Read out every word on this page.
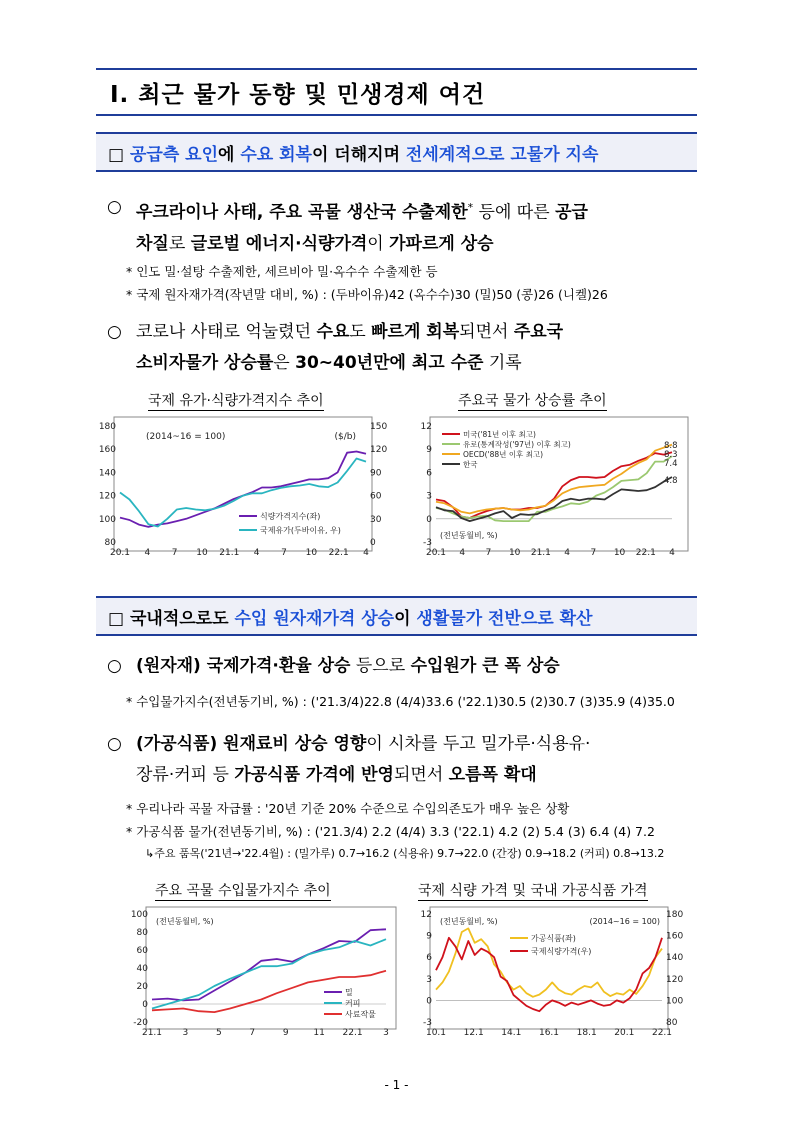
Ⅰ. 최근 물가 동향 및 민생경제 여건
□ 공급측 요인에 수요 회복이 더해지며 전세계적으로 고물가 지속
○ 우크라이나 사태, 주요 곡물 생산국 수출제한* 등에 따른 공급
차질로 글로벌 에너지·식량가격이 가파르게 상승
* 인도 밀·설탕 수출제한, 세르비아 밀·옥수수 수출제한 등
* 국제 원자재가격(작년말 대비, %) : (두바이유)42 (옥수수)30 (밀)50 (콩)26 (니켈)26
○ 코로나 사태로 억눌렸던 수요도 빠르게 회복되면서 주요국
소비자물가 상승률은 30~40년만에 최고 수준 기록
국제 유가·식량가격지수 추이	주요국 물가 상승률 추이
180
160
140
120
100
80
150
120
90
60
30
0
20.1 4 7 10 21.1 4 7 10 22.1 4
(2014~16 = 100)	($/b)
식량가격지수(좌)
국제유가(두바이유, 우)
12
9
6
3
0
-3
20.1 4 7 10 21.1 4 7 10 22.1 4
(전년동월비, %)
미국('81년 이후 최고)
유로(통계작성('97년) 이후 최고)
OECD('88년 이후 최고)
한국
8.8
8.3
7.4
4.8
□ 국내적으로도 수입 원자재가격 상승이 생활물가 전반으로 확산
○ (원자재) 국제가격·환율 상승 등으로 수입원가 큰 폭 상승
* 수입물가지수(전년동기비, %) : ('21.3/4)22.8 (4/4)33.6 ('22.1)30.5 (2)30.7 (3)35.9 (4)35.0
○ (가공식품) 원재료비 상승 영향이 시차를 두고 밀가루·식용유·
장류·커피 등 가공식품 가격에 반영되면서 오름폭 확대
* 우리나라 곡물 자급률 : '20년 기준 20% 수준으로 수입의존도가 매우 높은 상황
* 가공식품 물가(전년동기비, %) : ('21.3/4) 2.2 (4/4) 3.3 ('22.1) 4.2 (2) 5.4 (3) 6.4 (4) 7.2
↳주요 품목('21년→'22.4월) : (밀가루) 0.7→16.2 (식용유) 9.7→22.0 (간장) 0.9→18.2 (커피) 0.8→13.2
주요 곡물 수입물가지수 추이	국제 식량 가격 및 국내 가공식품 가격
100
80
60
40
20
0
-20
21.1 3	5	7	9	11 22.1 3
(전년동월비, %)
밀
커피
사료작물
12
9
6
3
0
-3
180
160
140
120
100
80
10.1 12.1 14.1 16.1 18.1 20.1 22.1
(전년동월비, %)	(2014~16 = 100)
가공식품(좌)
국제식량가격(우)
- 1 -
